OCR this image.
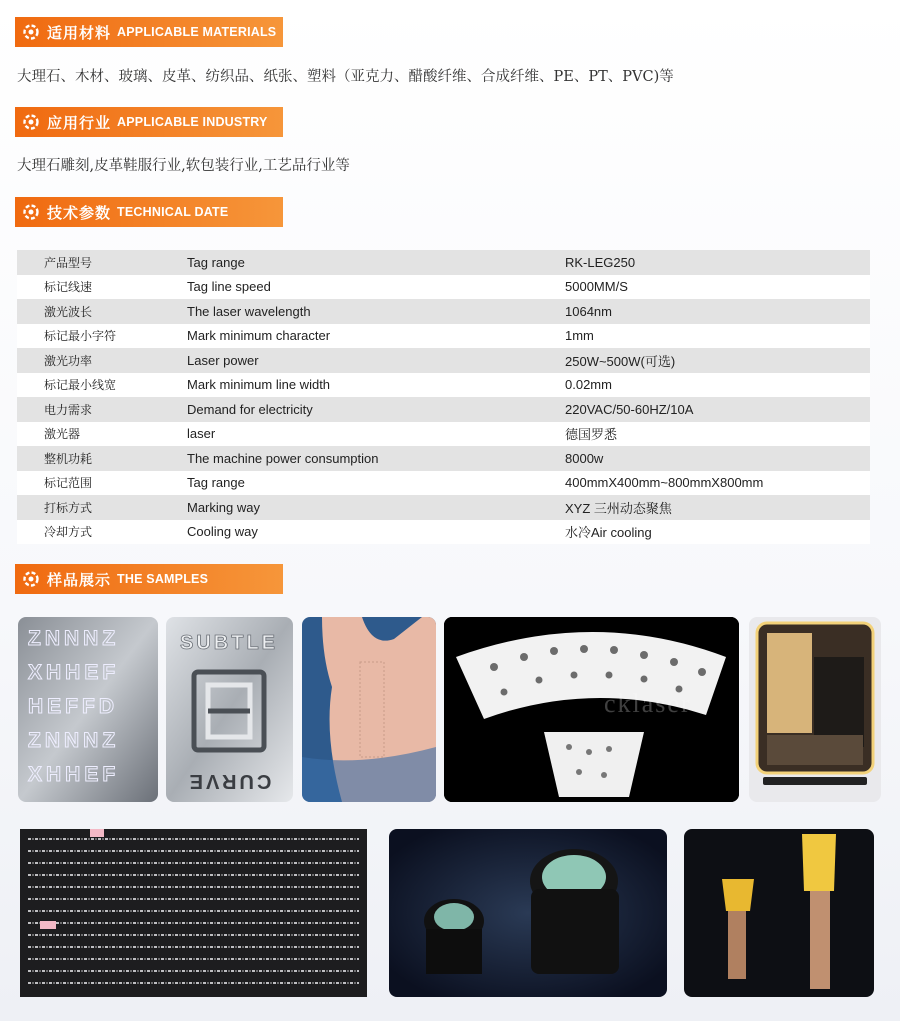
适用材料 APPLICABLE MATERIALS
大理石、木材、玻璃、皮革、纺织品、纸张、塑料（亚克力、醋酸纤维、合成纤维、PE、PT、PVC)等
应用行业 APPLICABLE INDUSTRY
大理石雕刻,皮革鞋服行业,软包装行业,工艺品行业等
技术参数 TECHNICAL DATE
产品型号	Tag range	RK-LEG250
标记线速	Tag line speed	5000MM/S
激光波长	The laser wavelength	1064nm
标记最小字符	Mark minimum character	1mm
激光功率	Laser power	250W~500W(可选)
标记最小线宽	Mark minimum line width	0.02mm
电力需求	Demand for electricity	220VAC/50-60HZ/10A
激光器	laser	德国罗悉
整机功耗	The machine power consumption	8000w
标记范围	Tag range	400mmX400mm~800mmX800mm
打标方式	Marking way	XYZ 三州动态聚焦
冷却方式	Cooling way	水冷Air cooling
样品展示 THE SAMPLES
ZNNNZ
XHHEF
HEFFD
ZNNNZ
XHHEF
SUBTLE
CURVE
cklaser
